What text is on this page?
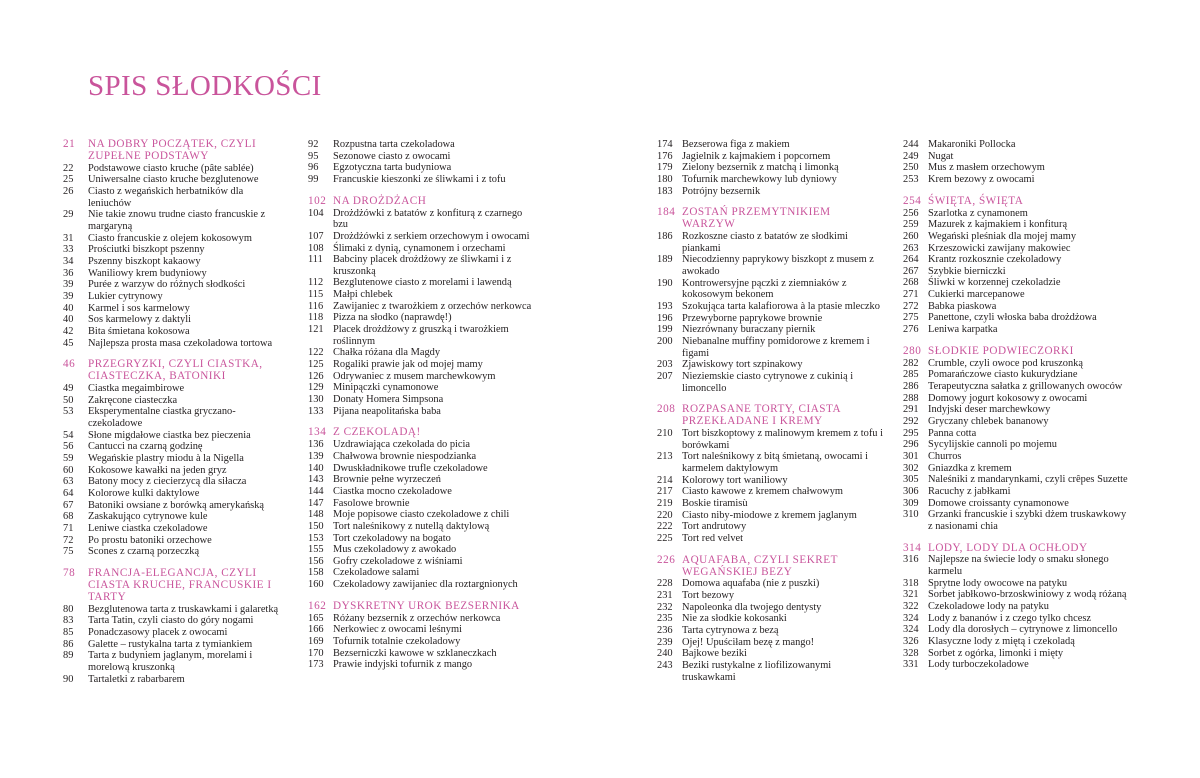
SPIS SŁODKOŚCI
21	NA DOBRY POCZĄTEK, CZYLI ZUPEŁNE PODSTAWY
22	Podstawowe ciasto kruche (pâte sablée)
25	Uniwersalne ciasto kruche bezglutenowe
26	Ciasto z wegańskich herbatników dla leniuchów
29	Nie takie znowu trudne ciasto francuskie z margaryną
31	Ciasto francuskie z olejem kokosowym
33	Prościutki biszkopt pszenny
34	Pszenny biszkopt kakaowy
36	Waniliowy krem budyniowy
39	Purée z warzyw do różnych słodkości
39	Lukier cytrynowy
40	Karmel i sos karmelowy
40	Sos karmelowy z daktyli
42	Bita śmietana kokosowa
45	Najlepsza prosta masa czekoladowa tortowa
46	PRZEGRYZKI, CZYLI CIASTKA, CIASTECZKA, BATONIKI
49	Ciastka megaimbirowe
50	Zakręcone ciasteczka
53	Eksperymentalne ciastka gryczano-czekoladowe
54	Słone migdałowe ciastka bez pieczenia
56	Cantucci na czarną godzinę
59	Wegańskie plastry miodu à la Nigella
60	Kokosowe kawałki na jeden gryz
63	Batony mocy z ciecierzycą dla siłacza
64	Kolorowe kulki daktylowe
67	Batoniki owsiane z borówką amerykańską
68	Zaskakująco cytrynowe kule
71	Leniwe ciastka czekoladowe
72	Po prostu batoniki orzechowe
75	Scones z czarną porzeczką
78	FRANCJA-ELEGANCJA, CZYLI CIASTA KRUCHE, FRANCUSKIE I TARTY
80	Bezglutenowa tarta z truskawkami i galaretką
83	Tarta Tatin, czyli ciasto do góry nogami
85	Ponadczasowy placek z owocami
86	Galette – rustykalna tarta z tymiankiem
89	Tarta z budyniem jaglanym, morelami i morelową kruszonką
90	Tartaletki z rabarbarem
92	Rozpustna tarta czekoladowa
95	Sezonowe ciasto z owocami
96	Egzotyczna tarta budyniowa
99	Francuskie kieszonki ze śliwkami i z tofu
102 NA DROŻDŻACH
104 Drożdżówki z batatów z konfiturą z czarnego bzu
107 Drożdżówki z serkiem orzechowym i owocami
108 Ślimaki z dynią, cynamonem i orzechami
111 Babciny placek drożdżowy ze śliwkami i z kruszonką
112 Bezglutenowe ciasto z morelami i lawendą
115 Małpi chlebek
116 Zawijaniec z twarożkiem z orzechów nerkowca
118 Pizza na słodko (naprawdę!)
121 Placek drożdżowy z gruszką i twarożkiem roślinnym
122 Chałka różana dla Magdy
125 Rogaliki prawie jak od mojej mamy
126 Odrywaniec z musem marchewkowym
129 Minipączki cynamonowe
130 Donaty Homera Simpsona
133 Pijana neapolitańska baba
134 Z CZEKOLADĄ!
136 Uzdrawiająca czekolada do picia
139 Chałwowa brownie niespodzianka
140 Dwuskładnikowe trufle czekoladowe
143 Brownie pełne wyrzeczeń
144 Ciastka mocno czekoladowe
147 Fasolowe brownie
148 Moje popisowe ciasto czekoladowe z chili
150 Tort naleśnikowy z nutellą daktylową
153 Tort czekoladowy na bogato
155 Mus czekoladowy z awokado
156 Gofry czekoladowe z wiśniami
158 Czekoladowe salami
160 Czekoladowy zawijaniec dla roztargnionych
162 DYSKRETNY UROK BEZSERNIKA
165 Różany bezsernik z orzechów nerkowca
166 Nerkowiec z owocami leśnymi
169 Tofurnik totalnie czekoladowy
170 Bezserniczki kawowe w szklaneczkach
173 Prawie indyjski tofurnik z mango
174 Bezserowa figa z makiem
176 Jagielnik z kajmakiem i popcornem
179 Zielony bezsernik z matchą i limonką
180 Tofurnik marchewkowy lub dyniowy
183 Potrójny bezsernik
184 ZOSTAŃ PRZEMYTNIKIEM WARZYW
186 Rozkoszne ciasto z batatów ze słodkimi piankami
189 Niecodzienny paprykowy biszkopt z musem z awokado
190 Kontrowersyjne pączki z ziemniaków z kokosowym bekonem
193 Szokująca tarta kalafiorowa à la ptasie mleczko
196 Przewyborne paprykowe brownie
199 Niezrównany buraczany piernik
200 Niebanalne muffiny pomidorowe z kremem i figami
203 Zjawiskowy tort szpinakowy
207 Nieziemskie ciasto cytrynowe z cukinią i limoncello
208 ROZPASANE TORTY, CIASTA PRZEKŁADANE I KREMY
210 Tort biszkoptowy z malinowym kremem z tofu i borówkami
213 Tort naleśnikowy z bitą śmietaną, owocami i karmelem daktylowym
214 Kolorowy tort waniliowy
217 Ciasto kawowe z kremem chałwowym
219 Boskie tiramisù
220 Ciasto niby-miodowe z kremem jaglanym
222 Tort andrutowy
225 Tort red velvet
226 AQUAFABA, CZYLI SEKRET WEGAŃSKIEJ BEZY
228 Domowa aquafaba (nie z puszki)
231 Tort bezowy
232 Napoleonka dla twojego dentysty
235 Nie za słodkie kokosanki
236 Tarta cytrynowa z bezą
239 Ojej! Upuściłam bezę z mango!
240 Bajkowe beziki
243 Beziki rustykalne z liofilizowanymi truskawkami
244 Makaroniki Pollocka
249 Nugat
250 Mus z masłem orzechowym
253 Krem bezowy z owocami
254 ŚWIĘTA, ŚWIĘTA
256 Szarlotka z cynamonem
259 Mazurek z kajmakiem i konfiturą
260 Wegański pleśniak dla mojej mamy
263 Krzeszowicki zawijany makowiec
264 Krantz rozkosznie czekoladowy
267 Szybkie bierniczki
268 Śliwki w korzennej czekoladzie
271 Cukierki marcepanowe
272 Babka piaskowa
275 Panettone, czyli włoska baba drożdżowa
276 Leniwa karpatka
280 SŁODKIE PODWIECZORKI
282 Crumble, czyli owoce pod kruszonką
285 Pomarańczowe ciasto kukurydziane
286 Terapeutyczna sałatka z grillowanych owoców
288 Domowy jogurt kokosowy z owocami
291 Indyjski deser marchewkowy
292 Gryczany chlebek bananowy
295 Panna cotta
296 Sycylijskie cannoli po mojemu
301 Churros
302 Gniazdka z kremem
305 Naleśniki z mandarynkami, czyli crêpes Suzette
306 Racuchy z jabłkami
309 Domowe croissanty cynamonowe
310 Grzanki francuskie i szybki dżem truskawkowy z nasionami chia
314 LODY, LODY DLA OCHŁODY
316 Najlepsze na świecie lody o smaku słonego karmelu
318 Sprytne lody owocowe na patyku
321 Sorbet jabłkowo-brzoskwiniowy z wodą różaną
322 Czekoladowe lody na patyku
324 Lody z bananów i z czego tylko chcesz
324 Lody dla dorosłych – cytrynowe z limoncello
326 Klasyczne lody z miętą i czekoladą
328 Sorbet z ogórka, limonki i mięty
331 Lody turboczekoladowe
